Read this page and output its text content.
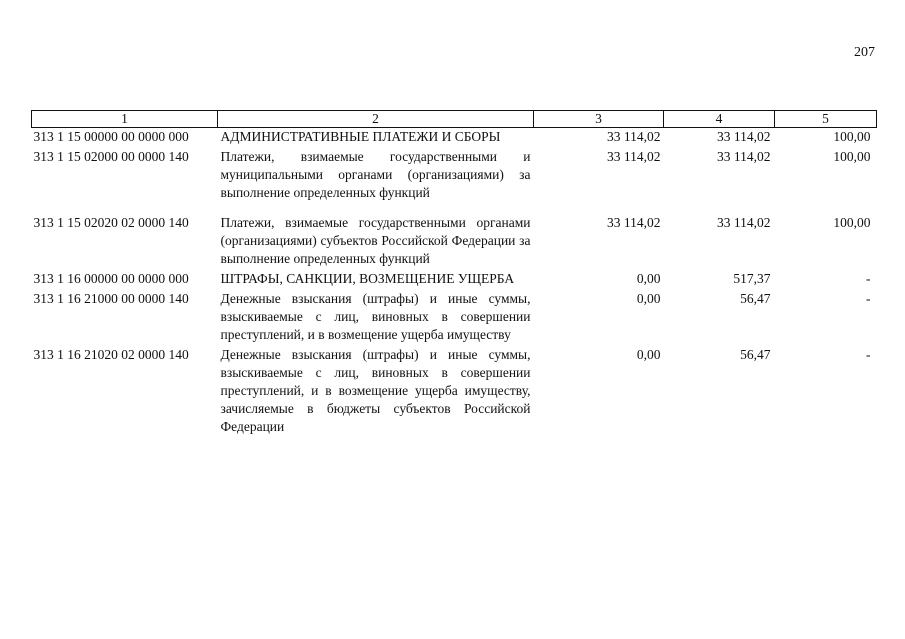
207
1	2	3	4	5
313 1 15 00000 00 0000 000	АДМИНИСТРАТИВНЫЕ ПЛАТЕЖИ И СБОРЫ	33 114,02	33 114,02	100,00
313 1 15 02000 00 0000 140	Платежи, взимаемые государственными и муниципальными органами (организациями) за выполнение определенных функций	33 114,02	33 114,02	100,00
313 1 15 02020 02 0000 140	Платежи, взимаемые государственными органами (организациями) субъектов Российской Федерации за выполнение определенных функций	33 114,02	33 114,02	100,00
313 1 16 00000 00 0000 000	ШТРАФЫ, САНКЦИИ, ВОЗМЕЩЕНИЕ УЩЕРБА	0,00	517,37	-
313 1 16 21000 00 0000 140	Денежные взыскания (штрафы) и иные суммы, взыскиваемые с лиц, виновных в совершении преступлений, и в возмещение ущерба имуществу	0,00	56,47	-
313 1 16 21020 02 0000 140	Денежные взыскания (штрафы) и иные суммы, взыскиваемые с лиц, виновных в совершении преступлений, и в возмещение ущерба имуществу, зачисляемые в бюджеты субъектов Российской Федерации	0,00	56,47	-
